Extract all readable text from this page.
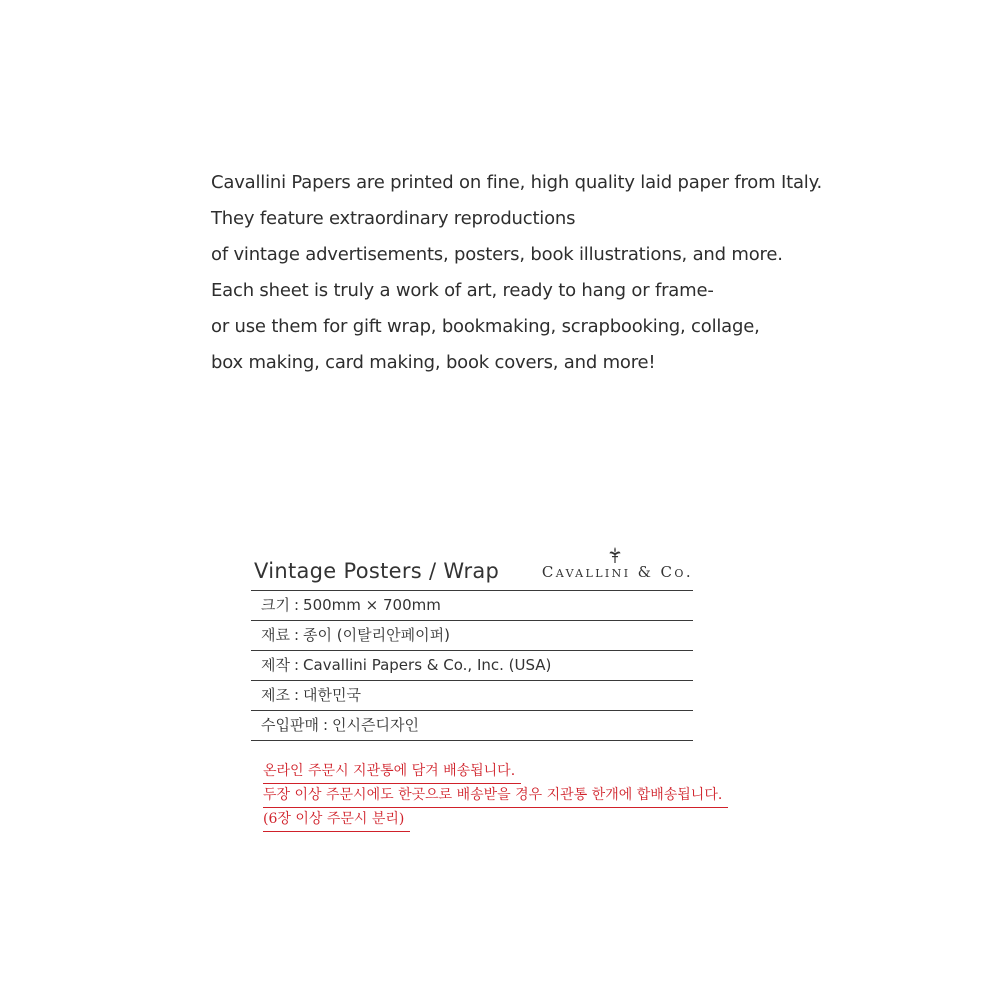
Cavallini Papers are printed on fine, high quality laid paper from Italy.
They feature extraordinary reproductions
of vintage advertisements, posters, book illustrations, and more.
Each sheet is truly a work of art, ready to hang or frame-
or use them for gift wrap, bookmaking, scrapbooking, collage,
box making, card making, book covers, and more!
Vintage Posters / Wrap	Cavallini & Co.
크기 : 500mm × 700mm
재료 : 종이 (이탈리안페이퍼)
제작 : Cavallini Papers & Co., Inc. (USA)
제조 : 대한민국
수입판매 : 인시즌디자인
온라인 주문시 지관통에 담겨 배송됩니다.
두장 이상 주문시에도 한곳으로 배송받을 경우 지관통 한개에 합배송됩니다.
(6장 이상 주문시 분리)
